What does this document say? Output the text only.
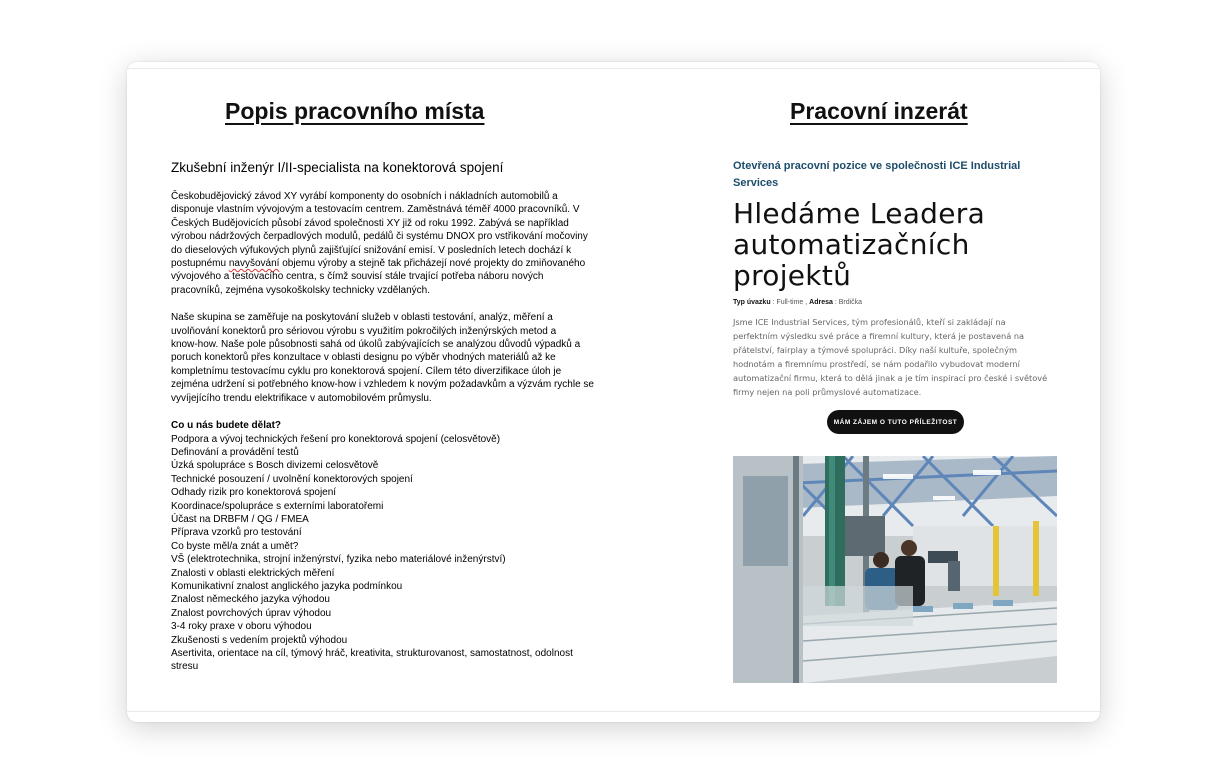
Popis pracovního místa	Pracovní inzerát
Zkušební inženýr I/II-specialista na konektorová spojení

Českobudějovický závod XY vyrábí komponenty do osobních i nákladních automobilů a
disponuje vlastním vývojovým a testovacím centrem. Zaměstnává téměř 4000 pracovníků. V
Českých Budějovicích působí závod společnosti XY již od roku 1992. Zabývá se například
výrobou nádržových čerpadlových modulů, pedálů či systému DNOX pro vstřikování močoviny
do dieselových výfukových plynů zajišťující snižování emisí. V posledních letech dochází k
postupnému navyšování objemu výroby a stejně tak přicházejí nové projekty do zmiňovaného
vývojového a testovacího centra, s čímž souvisí stále trvající potřeba náboru nových
pracovníků, zejména vysokoškolsky technicky vzdělaných.

Naše skupina se zaměřuje na poskytování služeb v oblasti testování, analýz, měření a
uvolňování konektorů pro sériovou výrobu s využitím pokročilých inženýrských metod a
know-how. Naše pole působnosti sahá od úkolů zabývajících se analýzou důvodů výpadků a
poruch konektorů přes konzultace v oblasti designu po výběr vhodných materiálů až ke
kompletnímu testovacímu cyklu pro konektorová spojení. Cílem této diverzifikace úloh je
zejména udržení si potřebného know-how i vzhledem k novým požadavkům a výzvám rychle se
vyvíjejícího trendu elektrifikace v automobilovém průmyslu.

Co u nás budete dělat?
Podpora a vývoj technických řešení pro konektorová spojení (celosvětově)
Definování a provádění testů
Úzká spolupráce s Bosch divizemi celosvětově
Technické posouzení / uvolnění konektorových spojení
Odhady rizik pro konektorová spojení
Koordinace/spolupráce s externími laboratořemi
Účast na DRBFM / QG / FMEA
Příprava vzorků pro testování
Co byste měl/a znát a umět?
VŠ (elektrotechnika, strojní inženýrství, fyzika nebo materiálové inženýrství)
Znalosti v oblasti elektrických měření
Komunikativní znalost anglického jazyka podmínkou
Znalost německého jazyka výhodou
Znalost povrchových úprav výhodou
3-4 roky praxe v oboru výhodou
Zkušenosti s vedením projektů výhodou
Asertivita, orientace na cíl, týmový hráč, kreativita, strukturovanost, samostatnost, odolnost
stresu
Otevřená pracovní pozice ve společnosti ICE Industrial Services
Hledáme Leadera automatizačních projektů
Typ úvazku : Full-time , Adresa : Brdičkа
Jsme ICE Industrial Services, tým profesionálů, kteří si zakládají na perfektním výsledku své práce a firemní kultury, která je postavená na přátelství, fairplay a týmové spolupráci. Díky naší kultuře, společným hodnotám a firemnímu prostředí, se nám podařilo vybudovat moderní automatizační firmu, která to dělá jinak a je tím inspirací pro české i světové firmy nejen na poli průmyslové automatizace.
MÁM ZÁJEM O TUTO PŘÍLEŽITOST
